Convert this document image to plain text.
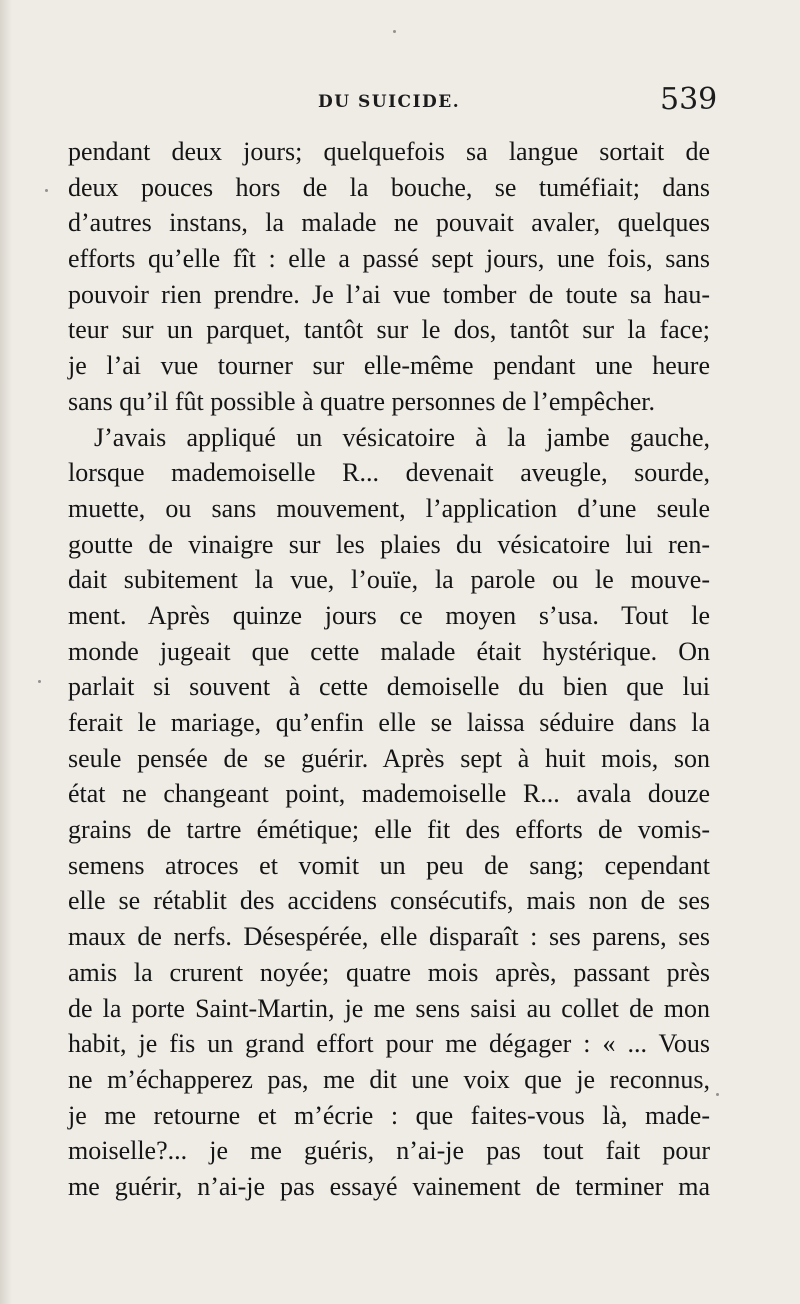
DU SUICIDE.	539
pendant deux jours; quelquefois sa langue sortait de
deux pouces hors de la bouche, se tuméfiait; dans
d’autres instans, la malade ne pouvait avaler, quelques
efforts qu’elle fît : elle a passé sept jours, une fois, sans
pouvoir rien prendre. Je l’ai vue tomber de toute sa hau-
teur sur un parquet, tantôt sur le dos, tantôt sur la face;
je l’ai vue tourner sur elle-même pendant une heure
sans qu’il fût possible à quatre personnes de l’empêcher.
J’avais appliqué un vésicatoire à la jambe gauche,
lorsque mademoiselle R... devenait aveugle, sourde,
muette, ou sans mouvement, l’application d’une seule
goutte de vinaigre sur les plaies du vésicatoire lui ren-
dait subitement la vue, l’ouïe, la parole ou le mouve-
ment. Après quinze jours ce moyen s’usa. Tout le
monde jugeait que cette malade était hystérique. On
parlait si souvent à cette demoiselle du bien que lui
ferait le mariage, qu’enfin elle se laissa séduire dans la
seule pensée de se guérir. Après sept à huit mois, son
état ne changeant point, mademoiselle R... avala douze
grains de tartre émétique; elle fit des efforts de vomis-
semens atroces et vomit un peu de sang; cependant
elle se rétablit des accidens consécutifs, mais non de ses
maux de nerfs. Désespérée, elle disparaît : ses parens, ses
amis la crurent noyée; quatre mois après, passant près
de la porte Saint-Martin, je me sens saisi au collet de mon
habit, je fis un grand effort pour me dégager : « ... Vous
ne m’échapperez pas, me dit une voix que je reconnus,
je me retourne et m’écrie : que faites-vous là, made-
moiselle?... je me guéris, n’ai-je pas tout fait pour
me guérir, n’ai-je pas essayé vainement de terminer ma
